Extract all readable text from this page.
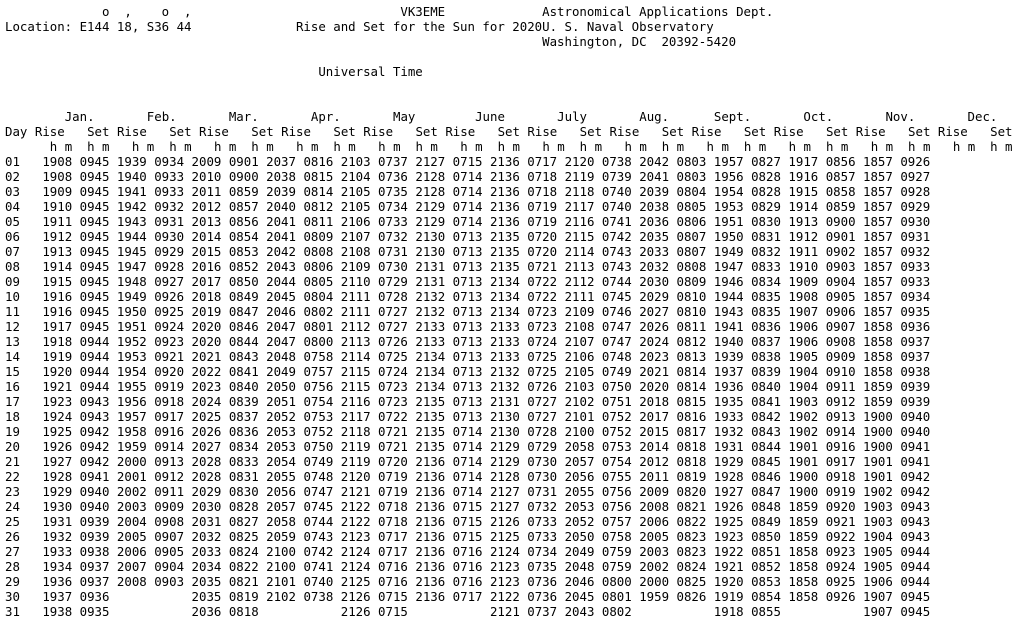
o  ,    o  ,	VK3EME	Astronomical Applications Dept.
Location: E144 18, S36 44	Rise and Set for the Sun for 2020U. S. Naval Observatory
Washington, DC  20392-5420

Universal Time

Jan.       Feb.       Mar.       Apr.       May        June       July       Aug.      Sept.       Oct.       Nov.       Dec.
Day Rise Set Rise Set Rise Set Rise Set Rise Set Rise Set Rise Set Rise Set Rise Set Rise Set Rise Set Rise Set
h m h m h m h m h m h m h m h m h m h m h m h m h m h m h m h m h m h m h m h m h m h m h m h m
01 1908 0945 1939 0934 2009 0901 2037 0816 2103 0737 2127 0715 2136 0717 2120 0738 2042 0803 1957 0827 1917 0856 1857 0926
02 1908 0945 1940 0933 2010 0900 2038 0815 2104 0736 2128 0714 2136 0718 2119 0739 2041 0803 1956 0828 1916 0857 1857 0927
03 1909 0945 1941 0933 2011 0859 2039 0814 2105 0735 2128 0714 2136 0718 2118 0740 2039 0804 1954 0828 1915 0858 1857 0928
04 1910 0945 1942 0932 2012 0857 2040 0812 2105 0734 2129 0714 2136 0719 2117 0740 2038 0805 1953 0829 1914 0859 1857 0929
05 1911 0945 1943 0931 2013 0856 2041 0811 2106 0733 2129 0714 2136 0719 2116 0741 2036 0806 1951 0830 1913 0900 1857 0930
06 1912 0945 1944 0930 2014 0854 2041 0809 2107 0732 2130 0713 2135 0720 2115 0742 2035 0807 1950 0831 1912 0901 1857 0931
07 1913 0945 1945 0929 2015 0853 2042 0808 2108 0731 2130 0713 2135 0720 2114 0743 2033 0807 1949 0832 1911 0902 1857 0932
08 1914 0945 1947 0928 2016 0852 2043 0806 2109 0730 2131 0713 2135 0721 2113 0743 2032 0808 1947 0833 1910 0903 1857 0933
09 1915 0945 1948 0927 2017 0850 2044 0805 2110 0729 2131 0713 2134 0722 2112 0744 2030 0809 1946 0834 1909 0904 1857 0933
10 1916 0945 1949 0926 2018 0849 2045 0804 2111 0728 2132 0713 2134 0722 2111 0745 2029 0810 1944 0835 1908 0905 1857 0934
11 1916 0945 1950 0925 2019 0847 2046 0802 2111 0727 2132 0713 2134 0723 2109 0746 2027 0810 1943 0835 1907 0906 1857 0935
12 1917 0945 1951 0924 2020 0846 2047 0801 2112 0727 2133 0713 2133 0723 2108 0747 2026 0811 1941 0836 1906 0907 1858 0936
13 1918 0944 1952 0923 2020 0844 2047 0800 2113 0726 2133 0713 2133 0724 2107 0747 2024 0812 1940 0837 1906 0908 1858 0937
14 1919 0944 1953 0921 2021 0843 2048 0758 2114 0725 2134 0713 2133 0725 2106 0748 2023 0813 1939 0838 1905 0909 1858 0937
15 1920 0944 1954 0920 2022 0841 2049 0757 2115 0724 2134 0713 2132 0725 2105 0749 2021 0814 1937 0839 1904 0910 1858 0938
16 1921 0944 1955 0919 2023 0840 2050 0756 2115 0723 2134 0713 2132 0726 2103 0750 2020 0814 1936 0840 1904 0911 1859 0939
17 1923 0943 1956 0918 2024 0839 2051 0754 2116 0723 2135 0713 2131 0727 2102 0751 2018 0815 1935 0841 1903 0912 1859 0939
18 1924 0943 1957 0917 2025 0837 2052 0753 2117 0722 2135 0713 2130 0727 2101 0752 2017 0816 1933 0842 1902 0913 1900 0940
19 1925 0942 1958 0916 2026 0836 2053 0752 2118 0721 2135 0714 2130 0728 2100 0752 2015 0817 1932 0843 1902 0914 1900 0940
20 1926 0942 1959 0914 2027 0834 2053 0750 2119 0721 2135 0714 2129 0729 2058 0753 2014 0818 1931 0844 1901 0916 1900 0941
21 1927 0942 2000 0913 2028 0833 2054 0749 2119 0720 2136 0714 2129 0730 2057 0754 2012 0818 1929 0845 1901 0917 1901 0941
22 1928 0941 2001 0912 2028 0831 2055 0748 2120 0719 2136 0714 2128 0730 2056 0755 2011 0819 1928 0846 1900 0918 1901 0942
23 1929 0940 2002 0911 2029 0830 2056 0747 2121 0719 2136 0714 2127 0731 2055 0756 2009 0820 1927 0847 1900 0919 1902 0942
24 1930 0940 2003 0909 2030 0828 2057 0745 2122 0718 2136 0715 2127 0732 2053 0756 2008 0821 1926 0848 1859 0920 1903 0943
25 1931 0939 2004 0908 2031 0827 2058 0744 2122 0718 2136 0715 2126 0733 2052 0757 2006 0822 1925 0849 1859 0921 1903 0943
26 1932 0939 2005 0907 2032 0825 2059 0743 2123 0717 2136 0715 2125 0733 2050 0758 2005 0823 1923 0850 1859 0922 1904 0943
27 1933 0938 2006 0905 2033 0824 2100 0742 2124 0717 2136 0716 2124 0734 2049 0759 2003 0823 1922 0851 1858 0923 1905 0944
28 1934 0937 2007 0904 2034 0822 2100 0741 2124 0716 2136 0716 2123 0735 2048 0759 2002 0824 1921 0852 1858 0924 1905 0944
29 1936 0937 2008 0903 2035 0821 2101 0740 2125 0716 2136 0716 2123 0736 2046 0800 2000 0825 1920 0853 1858 0925 1906 0944
30 1937 0936	2035 0819 2102 0738 2126 0715 2136 0717 2122 0736 2045 0801 1959 0826 1919 0854 1858 0926 1907 0945
31 1938 0935	2036 0818	2126 0715	2121 0737 2043 0802	1918 0855	1907 0945
